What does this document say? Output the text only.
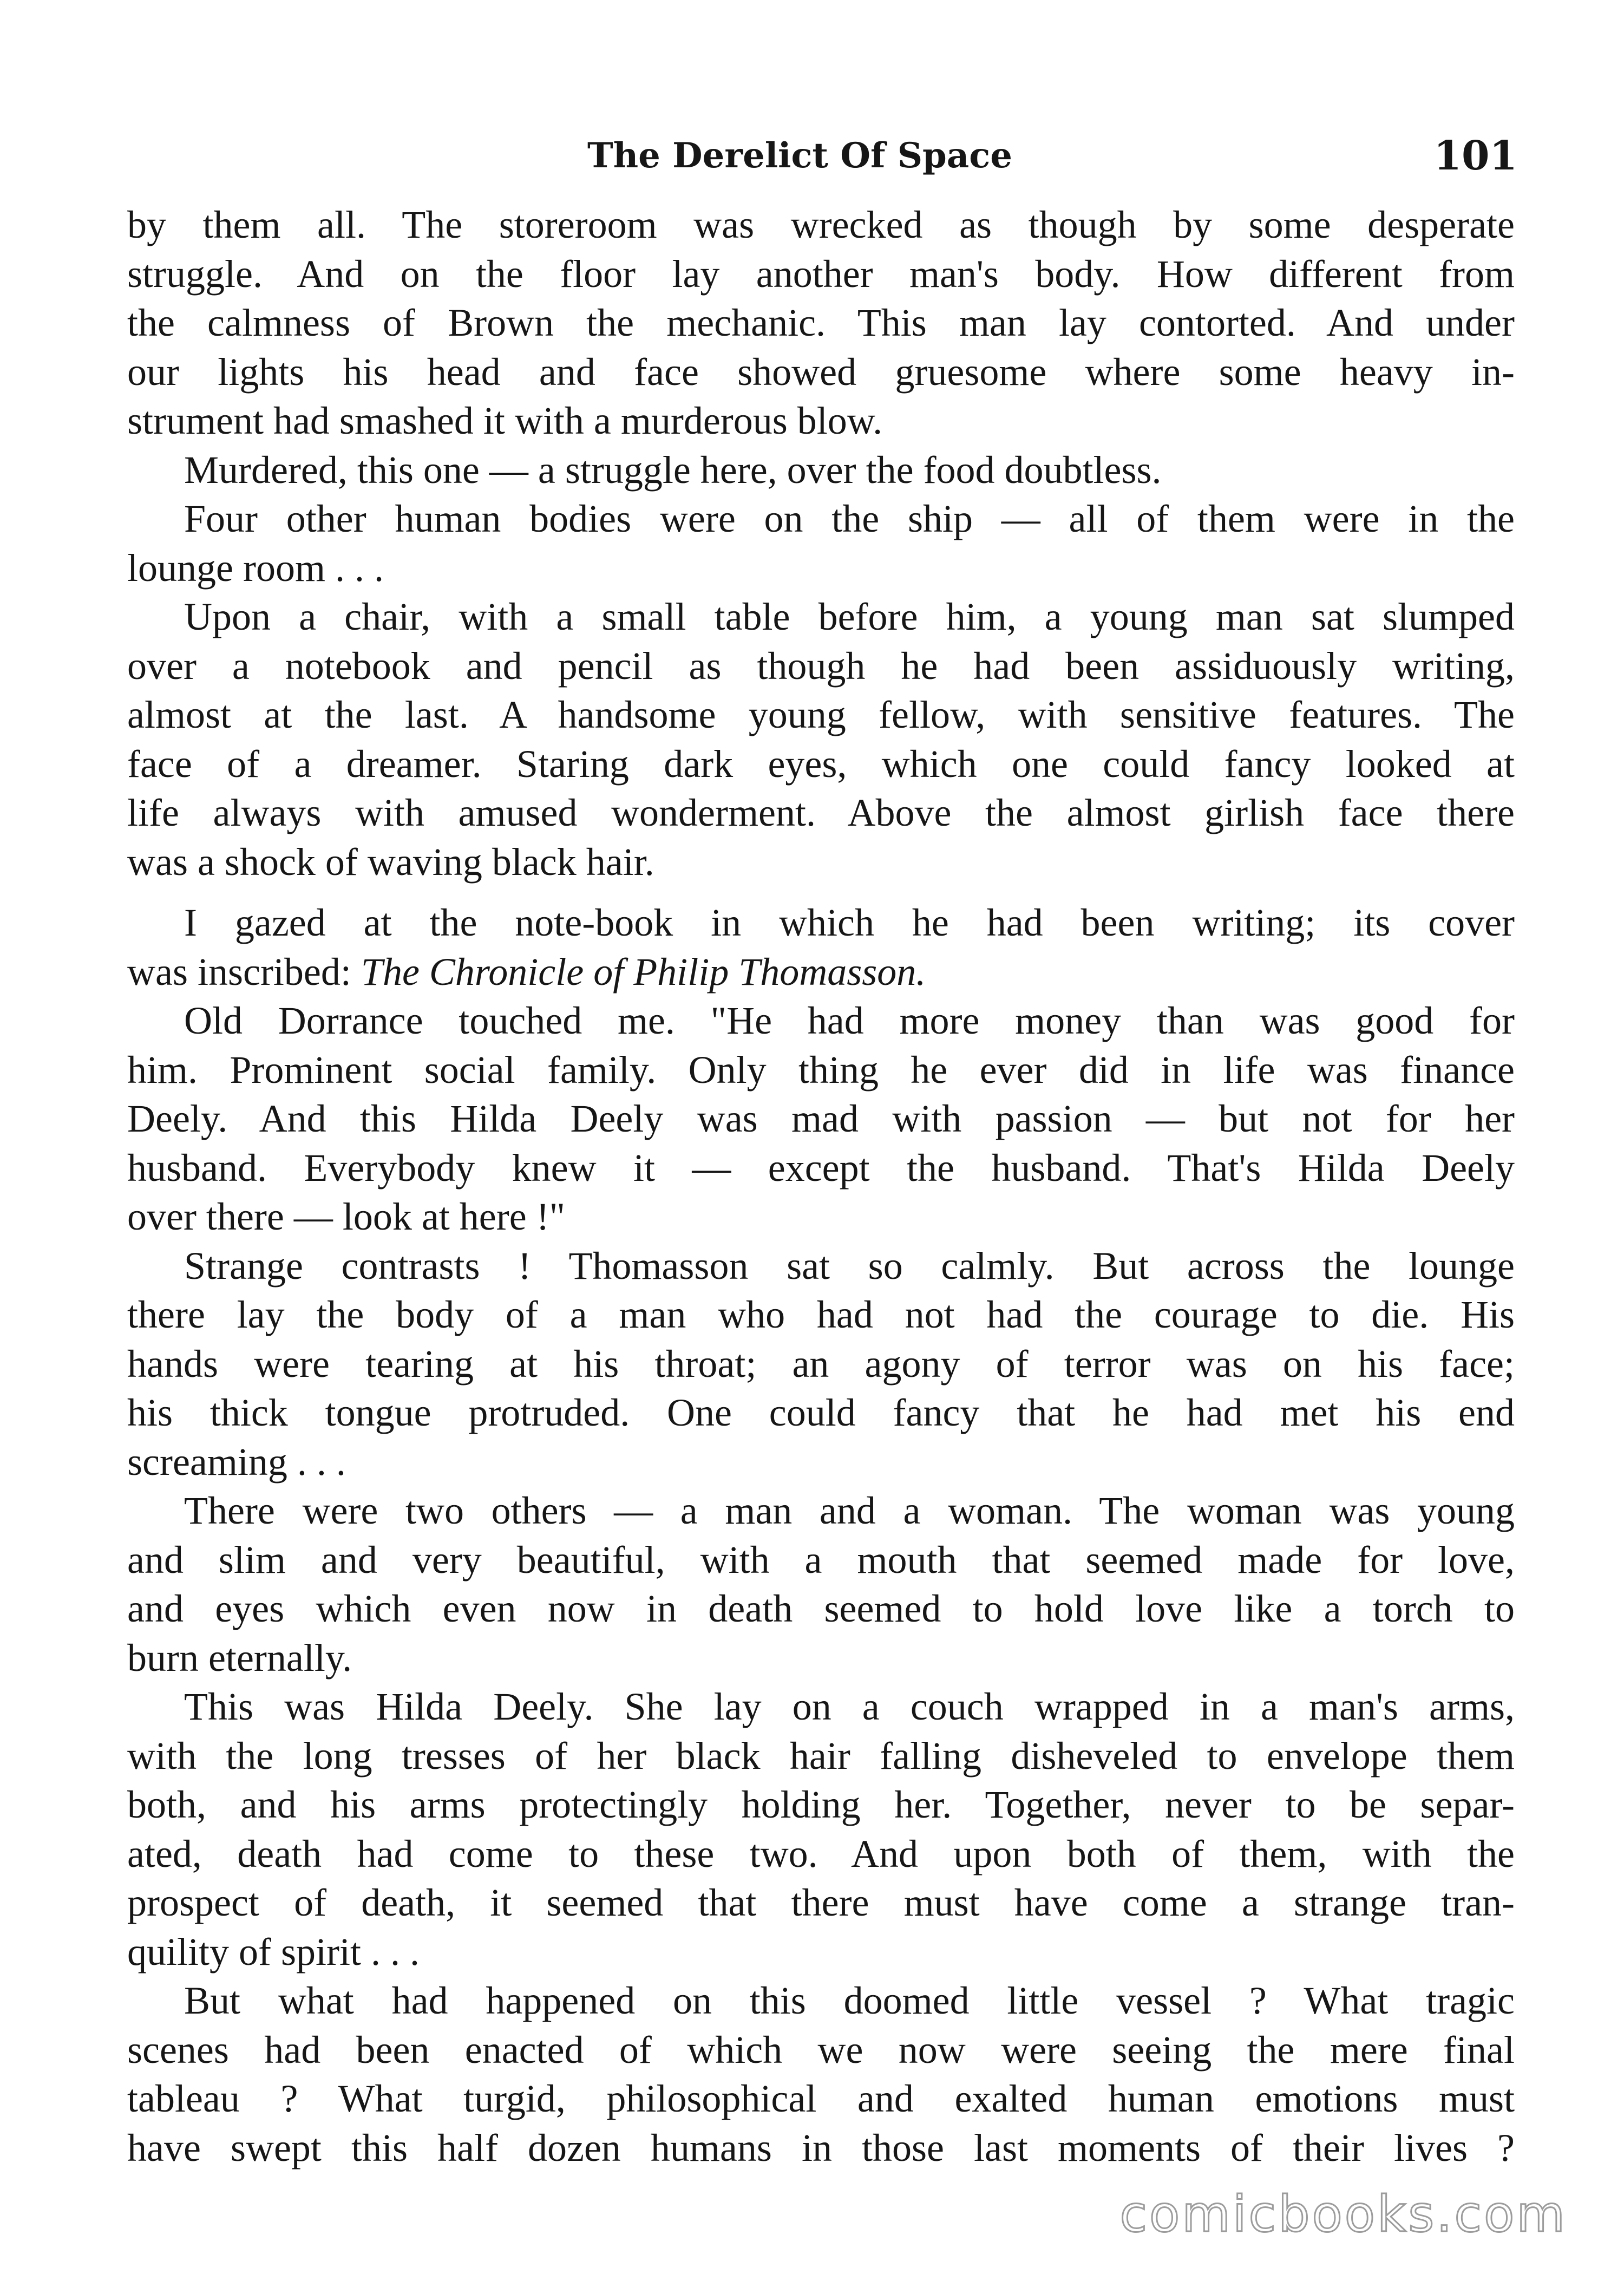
The Derelict Of Space	101
by them all. The storeroom was wrecked as though by some desperate
struggle. And on the floor lay another man's body. How different from
the calmness of Brown the mechanic. This man lay contorted. And under
our lights his head and face showed gruesome where some heavy in-
strument had smashed it with a murderous blow.
Murdered, this one — a struggle here, over the food doubtless.
Four other human bodies were on the ship — all of them were in the
lounge room . . .
Upon a chair, with a small table before him, a young man sat slumped
over a notebook and pencil as though he had been assiduously writing,
almost at the last. A handsome young fellow, with sensitive features. The
face of a dreamer. Staring dark eyes, which one could fancy looked at
life always with amused wonderment. Above the almost girlish face there
was a shock of waving black hair.
I gazed at the note-book in which he had been writing; its cover
was inscribed: The Chronicle of Philip Thomasson.
Old Dorrance touched me. "He had more money than was good for
him. Prominent social family. Only thing he ever did in life was finance
Deely. And this Hilda Deely was mad with passion — but not for her
husband. Everybody knew it — except the husband. That's Hilda Deely
over there — look at here !"
Strange contrasts ! Thomasson sat so calmly. But across the lounge
there lay the body of a man who had not had the courage to die. His
hands were tearing at his throat; an agony of terror was on his face;
his thick tongue protruded. One could fancy that he had met his end
screaming . . .
There were two others — a man and a woman. The woman was young
and slim and very beautiful, with a mouth that seemed made for love,
and eyes which even now in death seemed to hold love like a torch to
burn eternally.
This was Hilda Deely. She lay on a couch wrapped in a man's arms,
with the long tresses of her black hair falling disheveled to envelope them
both, and his arms protectingly holding her. Together, never to be separ-
ated, death had come to these two. And upon both of them, with the
prospect of death, it seemed that there must have come a strange tran-
quility of spirit . . .
But what had happened on this doomed little vessel ? What tragic
scenes had been enacted of which we now were seeing the mere final
tableau ? What turgid, philosophical and exalted human emotions must
have swept this half dozen humans in those last moments of their lives ?
comicbooks.com
